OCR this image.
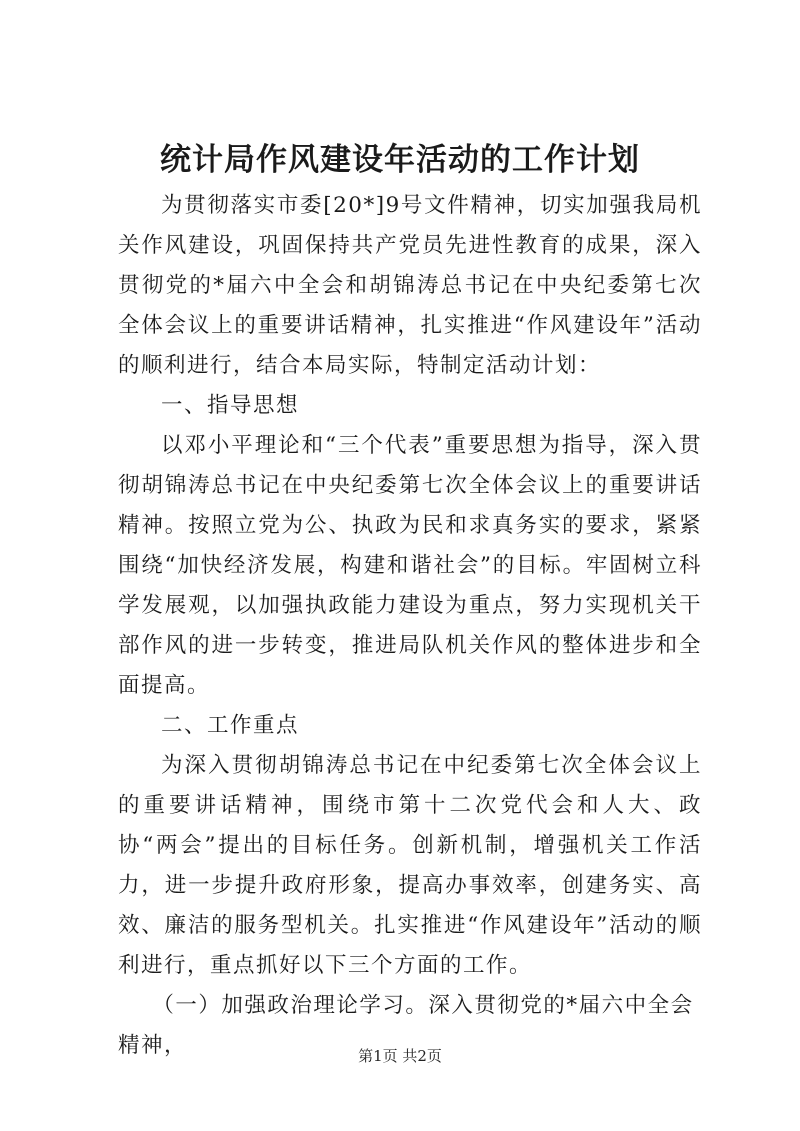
统计局作风建设年活动的工作计划

为贯彻落实市委[20*]9号文件精神，切实加强我局机关作风建设，巩固保持共产党员先进性教育的成果，深入贯彻党的*届六中全会和胡锦涛总书记在中央纪委第七次全体会议上的重要讲话精神，扎实推进“作风建设年”活动的顺利进行，结合本局实际，特制定活动计划：

一、指导思想

以邓小平理论和“三个代表”重要思想为指导，深入贯彻胡锦涛总书记在中央纪委第七次全体会议上的重要讲话精神。按照立党为公、执政为民和求真务实的要求，紧紧围绕“加快经济发展，构建和谐社会”的目标。牢固树立科学发展观，以加强执政能力建设为重点，努力实现机关干部作风的进一步转变，推进局队机关作风的整体进步和全面提高。

二、工作重点

为深入贯彻胡锦涛总书记在中纪委第七次全体会议上的重要讲话精神，围绕市第十二次党代会和人大、政协“两会”提出的目标任务。创新机制，增强机关工作活力，进一步提升政府形象，提高办事效率，创建务实、高效、廉洁的服务型机关。扎实推进“作风建设年”活动的顺利进行，重点抓好以下三个方面的工作。

（一）加强政治理论学习。深入贯彻党的*届六中全会精神，	第1页 共2页
